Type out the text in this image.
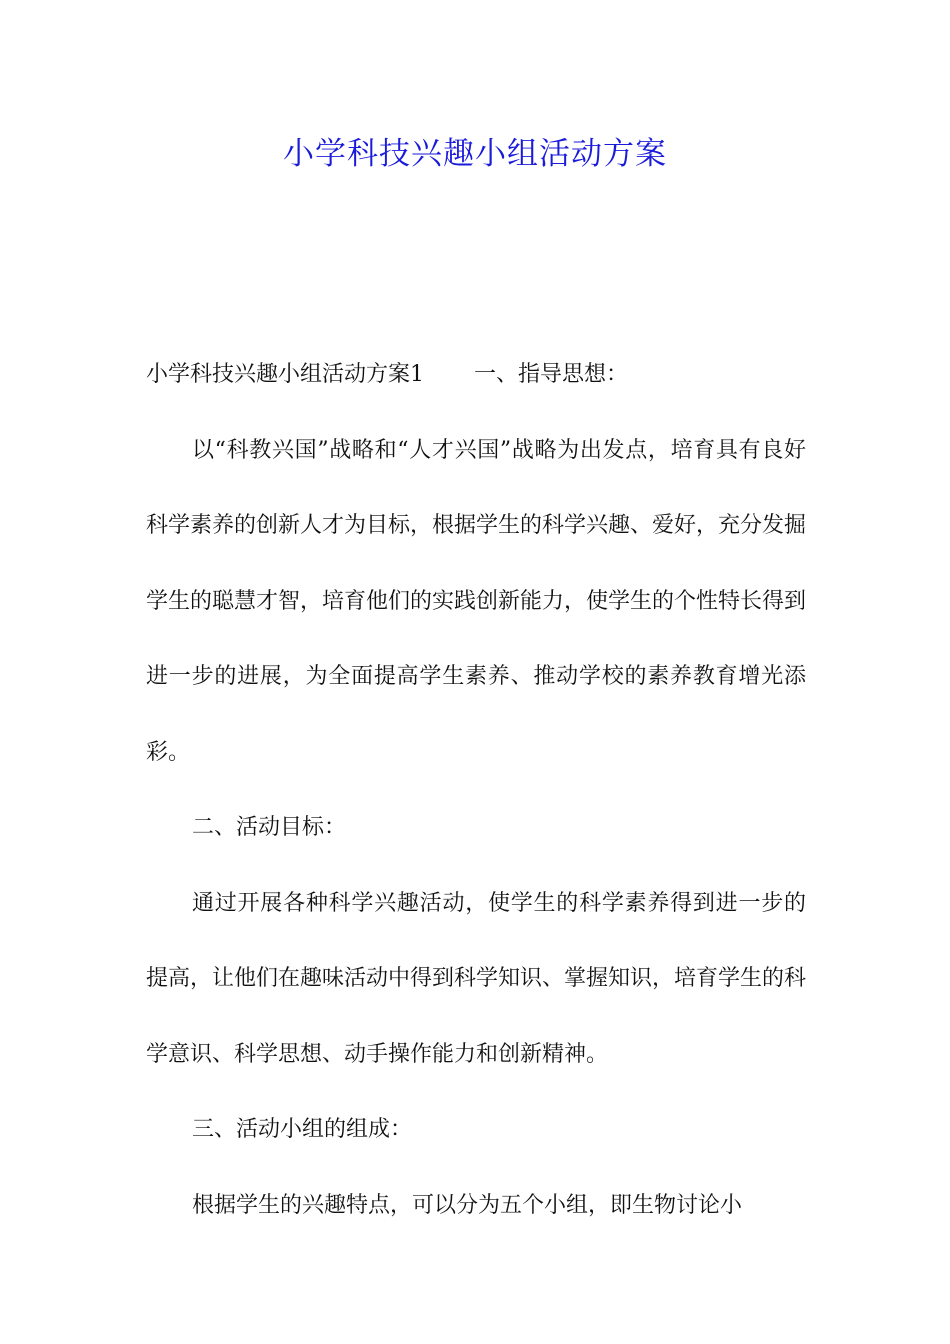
小学科技兴趣小组活动方案

小学科技兴趣小组活动方案1 一、指导思想：

以“科教兴国”战略和“人才兴国”战略为出发点，培育具有良好科学素养的创新人才为目标，根据学生的科学兴趣、爱好，充分发掘学生的聪慧才智，培育他们的实践创新能力，使学生的个性特长得到进一步的进展，为全面提高学生素养、推动学校的素养教育增光添彩。

二、活动目标：

通过开展各种科学兴趣活动，使学生的科学素养得到进一步的提高，让他们在趣味活动中得到科学知识、掌握知识，培育学生的科学意识、科学思想、动手操作能力和创新精神。

三、活动小组的组成：

根据学生的兴趣特点，可以分为五个小组，即生物讨论小
